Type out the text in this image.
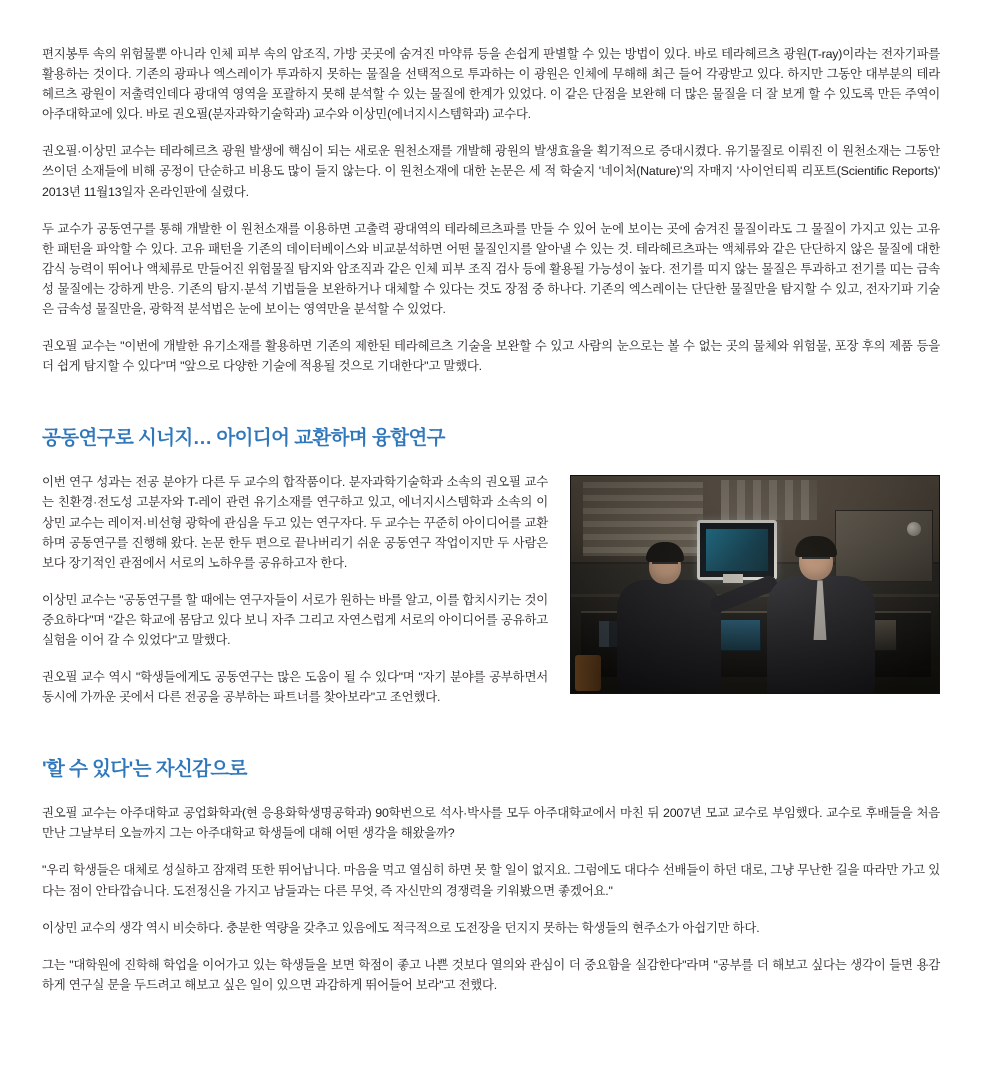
편지봉투 속의 위험물뿐 아니라 인체 피부 속의 암조직, 가방 곳곳에 숨겨진 마약류 등을 손쉽게 판별할 수 있는 방법이 있다. 바로 테라헤르츠 광원(T-ray)이라는 전자기파를 활용하는 것이다. 기존의 광파나 엑스레이가 투과하지 못하는 물질을 선택적으로 투과하는 이 광원은 인체에 무해해 최근 들어 각광받고 있다. 하지만 그동안 대부분의 테라헤르츠 광원이 저출력인데다 광대역 영역을 포괄하지 못해 분석할 수 있는 물질에 한계가 있었다. 이 같은 단점을 보완해 더 많은 물질을 더 잘 보게 할 수 있도록 만든 주역이 아주대학교에 있다. 바로 권오필(분자과학기술학과) 교수와 이상민(에너지시스템학과) 교수다.

권오필·이상민 교수는 테라헤르츠 광원 발생에 핵심이 되는 새로운 원천소재를 개발해 광원의 발생효율을 획기적으로 증대시켰다. 유기물질로 이뤄진 이 원천소재는 그동안 쓰이던 소재들에 비해 공정이 단순하고 비용도 많이 들지 않는다. 이 원천소재에 대한 논문은 세 적 학술지 '네이처(Nature)'의 자매지 '사이언티픽 리포트(Scientific Reports)' 2013년 11월13일자 온라인판에 실렸다.

두 교수가 공동연구를 통해 개발한 이 원천소재를 이용하면 고출력 광대역의 테라헤르츠파를 만들 수 있어 눈에 보이는 곳에 숨겨진 물질이라도 그 물질이 가지고 있는 고유한 패턴을 파악할 수 있다. 고유 패턴을 기존의 데이터베이스와 비교분석하면 어떤 물질인지를 알아낼 수 있는 것. 테라헤르츠파는 액체류와 같은 단단하지 않은 물질에 대한 감식 능력이 뛰어나 액체류로 만들어진 위험물질 탐지와 암조직과 같은 인체 피부 조직 검사 등에 활용될 가능성이 높다. 전기를 띠지 않는 물질은 투과하고 전기를 띠는 금속성 물질에는 강하게 반응. 기존의 탐지·분석 기법들을 보완하거나 대체할 수 있다는 것도 장점 중 하나다. 기존의 엑스레이는 단단한 물질만을 탐지할 수 있고, 전자기파 기술은 금속성 물질만을, 광학적 분석법은 눈에 보이는 영역만을 분석할 수 있었다.

권오필 교수는 "이번에 개발한 유기소재를 활용하면 기존의 제한된 테라헤르츠 기술을 보완할 수 있고 사람의 눈으로는 볼 수 없는 곳의 물체와 위험물, 포장 후의 제품 등을 더 쉽게 탐지할 수 있다"며 "앞으로 다양한 기술에 적용될 것으로 기대한다"고 말했다.

공동연구로 시너지… 아이디어 교환하며 융합연구

이번 연구 성과는 전공 분야가 다른 두 교수의 합작품이다. 분자과학기술학과 소속의 권오필 교수는 친환경·전도성 고분자와 T-레이 관련 유기소재를 연구하고 있고, 에너지시스템학과 소속의 이상민 교수는 레이저·비선형 광학에 관심을 두고 있는 연구자다. 두 교수는 꾸준히 아이디어를 교환하며 공동연구를 진행해 왔다. 논문 한두 편으로 끝나버리기 쉬운 공동연구 작업이지만 두 사람은 보다 장기적인 관점에서 서로의 노하우를 공유하고자 한다.

이상민 교수는 "공동연구를 할 때에는 연구자들이 서로가 원하는 바를 알고, 이를 합치시키는 것이 중요하다"며 "같은 학교에 몸담고 있다 보니 자주 그리고 자연스럽게 서로의 아이디어를 공유하고 실험을 이어 갈 수 있었다"고 말했다.

권오필 교수 역시 "학생들에게도 공동연구는 많은 도움이 될 수 있다"며 "자기 분야를 공부하면서 동시에 가까운 곳에서 다른 전공을 공부하는 파트너를 찾아보라"고 조언했다.

'할 수 있다'는 자신감으로

권오필 교수는 아주대학교 공업화학과(현 응용화학생명공학과) 90학번으로 석사·박사를 모두 아주대학교에서 마친 뒤 2007년 모교 교수로 부임했다. 교수로 후배들을 처음 만난 그날부터 오늘까지 그는 아주대학교 학생들에 대해 어떤 생각을 해왔을까?

"우리 학생들은 대체로 성실하고 잠재력 또한 뛰어납니다. 마음을 먹고 열심히 하면 못 할 일이 없지요. 그럼에도 대다수 선배들이 하던 대로, 그냥 무난한 길을 따라만 가고 있다는 점이 안타깝습니다. 도전정신을 가지고 남들과는 다른 무엇, 즉 자신만의 경쟁력을 키워봤으면 좋겠어요."

이상민 교수의 생각 역시 비슷하다. 충분한 역량을 갖추고 있음에도 적극적으로 도전장을 던지지 못하는 학생들의 현주소가 아쉽기만 하다.

그는 "대학원에 진학해 학업을 이어가고 있는 학생들을 보면 학점이 좋고 나쁜 것보다 열의와 관심이 더 중요함을 실감한다"라며 "공부를 더 해보고 싶다는 생각이 들면 용감하게 연구실 문을 두드려고 해보고 싶은 일이 있으면 과감하게 뛰어들어 보라"고 전했다.
